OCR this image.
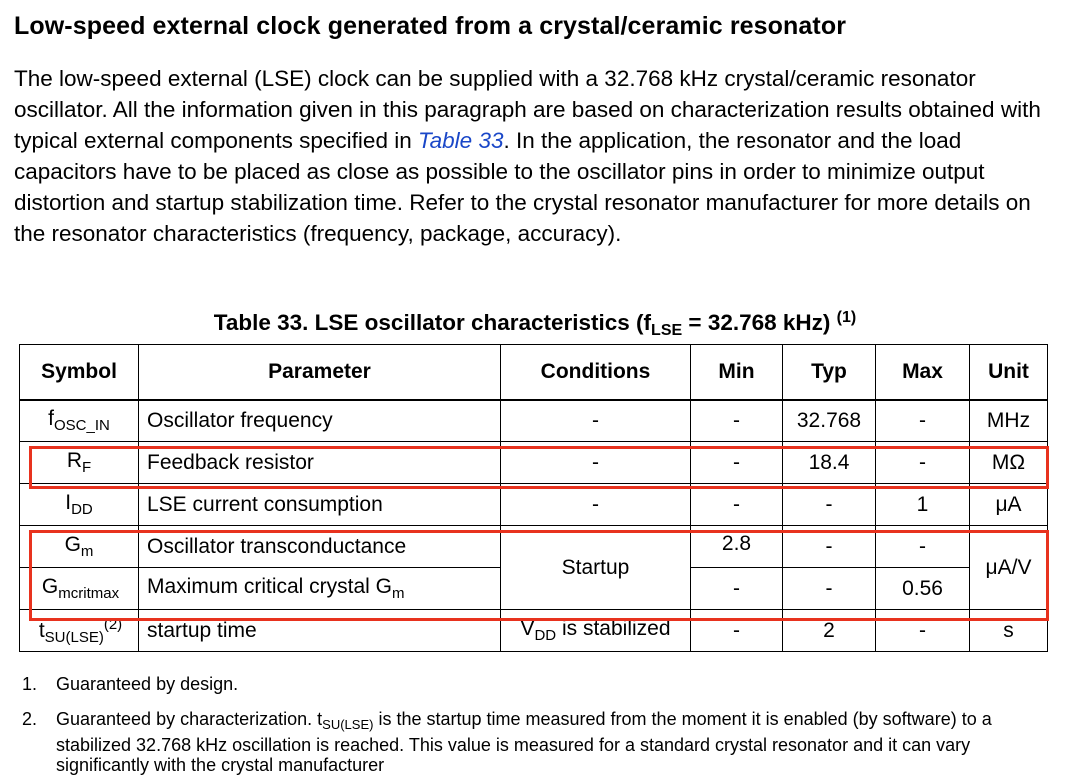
Low-speed external clock generated from a crystal/ceramic resonator
The low-speed external (LSE) clock can be supplied with a 32.768 kHz crystal/ceramic resonator oscillator. All the information given in this paragraph are based on characterization results obtained with typical external components specified in Table 33. In the application, the resonator and the load capacitors have to be placed as close as possible to the oscillator pins in order to minimize output distortion and startup stabilization time. Refer to the crystal resonator manufacturer for more details on the resonator characteristics (frequency, package, accuracy).
Table 33. LSE oscillator characteristics ($f_{LSE} = 32.768$ kHz) $^{(1)}$
Symbol	Parameter	Conditions	Min	Typ	Max	Unit
$f_{OSC\_IN}$	Oscillator frequency	-	-	32.768	-	MHz
$R_F$	Feedback resistor	-	-	18.4	-	MΩ
$I_{DD}$	LSE current consumption	-	-	-	1	μA
$G_m$	Oscillator transconductance	Startup	2.8	-	-	μA/V
$G_{mcritmax}$	Maximum critical crystal $G_m$		-	-	0.56	
$t_{SU(LSE)}^{(2)}$	startup time	$V_{DD}$ is stabilized	-	2	-	s
1. Guaranteed by design.
2. Guaranteed by characterization. $t_{SU(LSE)}$ is the startup time measured from the moment it is enabled (by software) to a stabilized 32.768 kHz oscillation is reached. This value is measured for a standard crystal resonator and it can vary significantly with the crystal manufacturer
